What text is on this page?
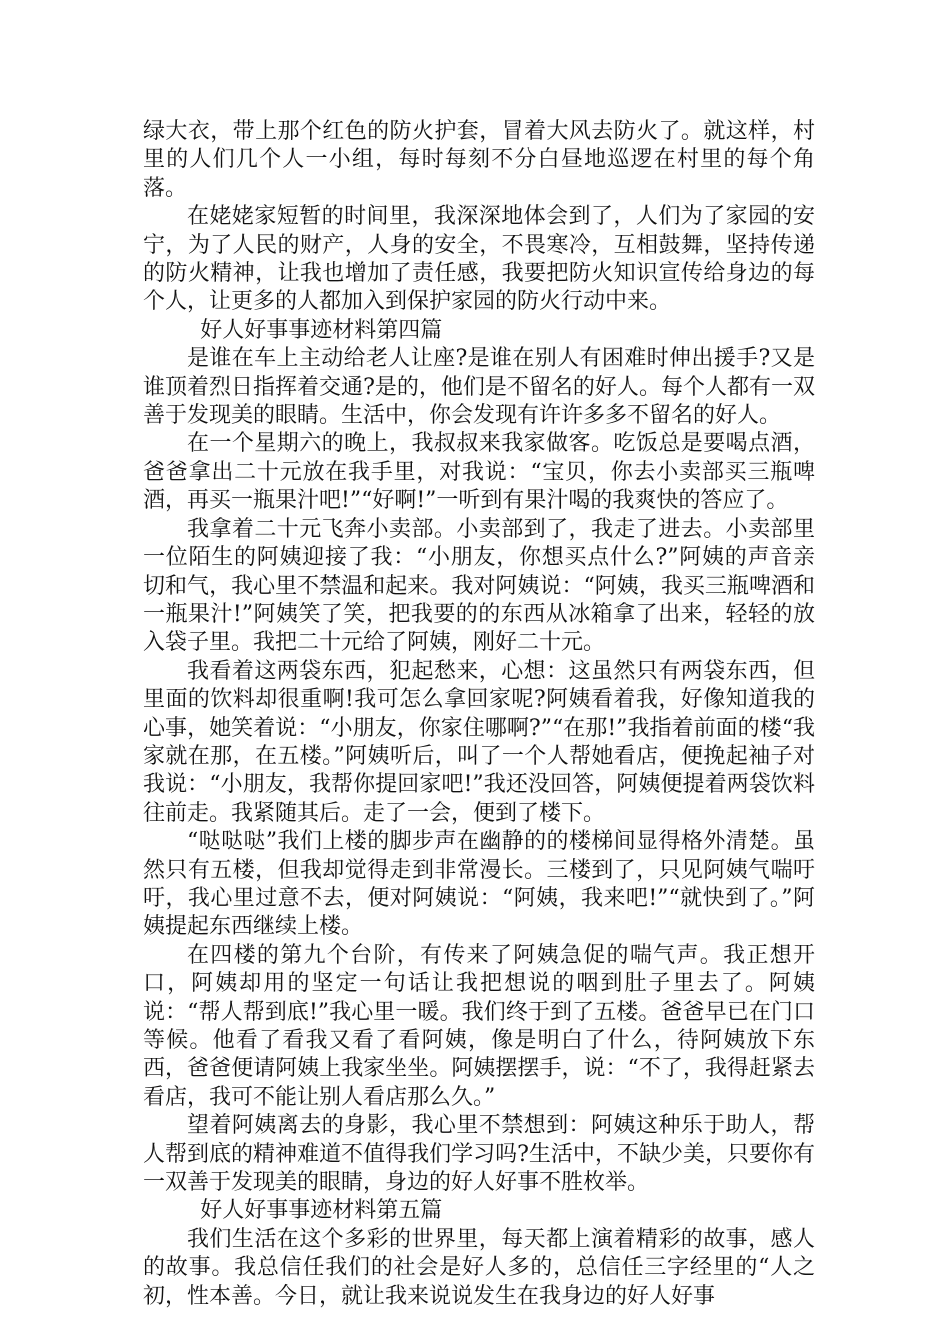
绿大衣，带上那个红色的防火护套，冒着大风去防火了。就这样，村里的人们几个人一小组，每时每刻不分白昼地巡逻在村里的每个角落。

在姥姥家短暂的时间里，我深深地体会到了，人们为了家园的安宁，为了人民的财产，人身的安全，不畏寒冷，互相鼓舞，坚持传递的防火精神，让我也增加了责任感，我要把防火知识宣传给身边的每个人，让更多的人都加入到保护家园的防火行动中来。

好人好事事迹材料第四篇

是谁在车上主动给老人让座?是谁在别人有困难时伸出援手?又是谁顶着烈日指挥着交通?是的，他们是不留名的好人。每个人都有一双善于发现美的眼睛。生活中，你会发现有许许多多不留名的好人。

在一个星期六的晚上，我叔叔来我家做客。吃饭总是要喝点酒，爸爸拿出二十元放在我手里，对我说：“宝贝，你去小卖部买三瓶啤酒，再买一瓶果汁吧!”“好啊!”一听到有果汁喝的我爽快的答应了。

我拿着二十元飞奔小卖部。小卖部到了，我走了进去。小卖部里一位陌生的阿姨迎接了我：“小朋友，你想买点什么?”阿姨的声音亲切和气，我心里不禁温和起来。我对阿姨说：“阿姨，我买三瓶啤酒和一瓶果汁!”阿姨笑了笑，把我要的的东西从冰箱拿了出来，轻轻的放入袋子里。我把二十元给了阿姨，刚好二十元。

我看着这两袋东西，犯起愁来，心想：这虽然只有两袋东西，但里面的饮料却很重啊!我可怎么拿回家呢?阿姨看着我，好像知道我的心事，她笑着说：“小朋友，你家住哪啊?”“在那!”我指着前面的楼“我家就在那，在五楼。”阿姨听后，叫了一个人帮她看店，便挽起袖子对我说：“小朋友，我帮你提回家吧!”我还没回答，阿姨便提着两袋饮料往前走。我紧随其后。走了一会，便到了楼下。

“哒哒哒”我们上楼的脚步声在幽静的的楼梯间显得格外清楚。虽然只有五楼，但我却觉得走到非常漫长。三楼到了，只见阿姨气喘吁吁，我心里过意不去，便对阿姨说：“阿姨，我来吧!”“就快到了。”阿姨提起东西继续上楼。

在四楼的第九个台阶，有传来了阿姨急促的喘气声。我正想开口，阿姨却用的坚定一句话让我把想说的咽到肚子里去了。阿姨说：“帮人帮到底!”我心里一暖。我们终于到了五楼。爸爸早已在门口等候。他看了看我又看了看阿姨，像是明白了什么，待阿姨放下东西，爸爸便请阿姨上我家坐坐。阿姨摆摆手，说：“不了，我得赶紧去看店，我可不能让别人看店那么久。”

望着阿姨离去的身影，我心里不禁想到：阿姨这种乐于助人，帮人帮到底的精神难道不值得我们学习吗?生活中，不缺少美，只要你有一双善于发现美的眼睛，身边的好人好事不胜枚举。

好人好事事迹材料第五篇

我们生活在这个多彩的世界里，每天都上演着精彩的故事，感人的故事。我总信任我们的社会是好人多的，总信任三字经里的“人之初，性本善。今日，就让我来说说发生在我身边的好人好事
